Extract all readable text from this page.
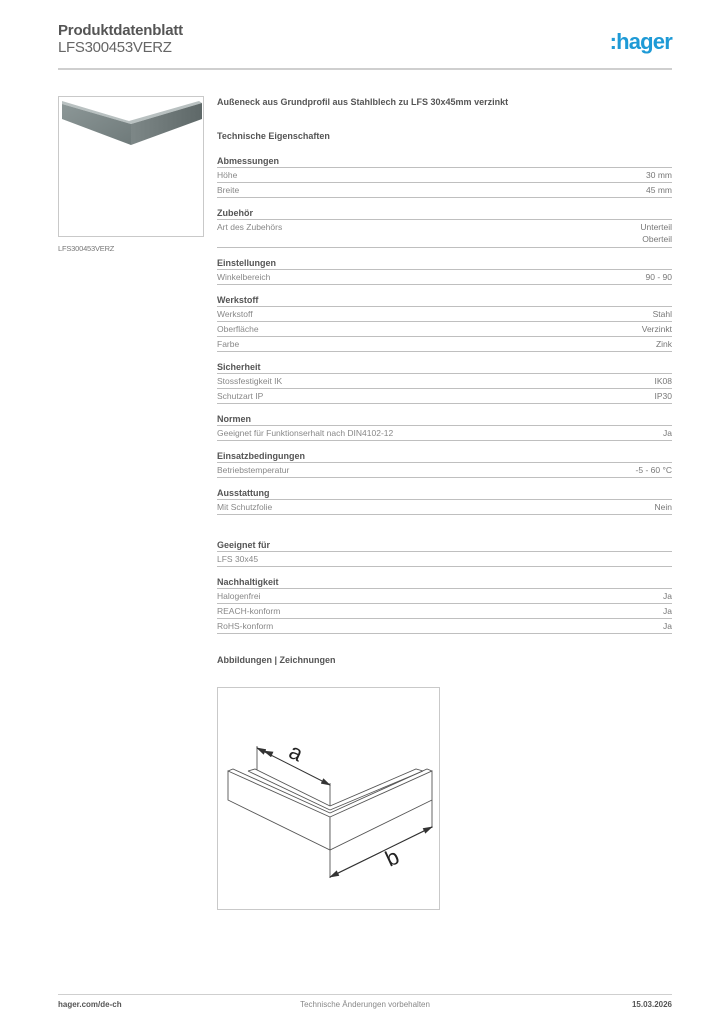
Produktdatenblatt
LFS300453VERZ	:hager
LFS300453VERZ
Außeneck aus Grundprofil aus Stahlblech zu LFS 30x45mm verzinkt
Technische Eigenschaften
Abmessungen
Höhe	30 mm
Breite	45 mm
Zubehör
Art des Zubehörs	Unterteil
Oberteil
Einstellungen
Winkelbereich	90 - 90
Werkstoff
Werkstoff	Stahl
Oberfläche	Verzinkt
Farbe	Zink
Sicherheit
Stossfestigkeit IK	IK08
Schutzart IP	IP30
Normen
Geeignet für Funktionserhalt nach DIN4102-12	Ja
Einsatzbedingungen
Betriebstemperatur	-5 - 60 °C
Ausstattung
Mit Schutzfolie	Nein
Geeignet für
LFS 30x45
Nachhaltigkeit
Halogenfrei	Ja
REACH-konform	Ja
RoHS-konform	Ja
Abbildungen | Zeichnungen
a
b
hager.com/de-ch	Technische Änderungen vorbehalten	15.03.2026
